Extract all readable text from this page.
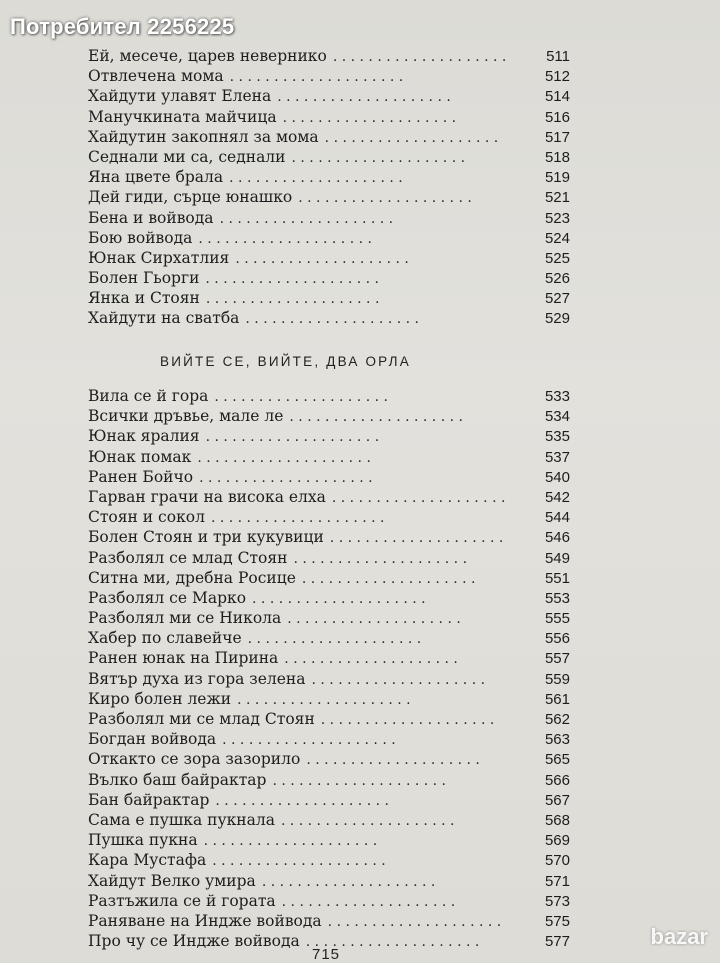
Потребител 2256225
Ей, месече, царев невернико . . . . . . . . . . . . . . . . . . . .	511
Отвлечена мома . . . . . . . . . . . . . . . . . . . .	512
Хайдути улавят Елена . . . . . . . . . . . . . . . . . . . .	514
Манучкината майчица . . . . . . . . . . . . . . . . . . . .	516
Хайдутин закопнял за мома . . . . . . . . . . . . . . . . . . . .	517
Седнали ми са, седнали . . . . . . . . . . . . . . . . . . . .	518
Яна цвете брала . . . . . . . . . . . . . . . . . . . .	519
Дей гиди, сърце юнашко . . . . . . . . . . . . . . . . . . . .	521
Бена и войвода . . . . . . . . . . . . . . . . . . . .	523
Бою войвода . . . . . . . . . . . . . . . . . . . .	524
Юнак Сирхатлия . . . . . . . . . . . . . . . . . . . .	525
Болен Гьорги . . . . . . . . . . . . . . . . . . . .	526
Янка и Стоян . . . . . . . . . . . . . . . . . . . .	527
Хайдути на сватба . . . . . . . . . . . . . . . . . . . .	529
ВИЙТЕ СЕ, ВИЙТЕ, ДВА ОРЛА
Вила се й гора . . . . . . . . . . . . . . . . . . . .	533
Всички дръвье, мале ле . . . . . . . . . . . . . . . . . . . .	534
Юнак яралия . . . . . . . . . . . . . . . . . . . .	535
Юнак помак . . . . . . . . . . . . . . . . . . . .	537
Ранен Бойчо . . . . . . . . . . . . . . . . . . . .	540
Гарван грачи на висока елха . . . . . . . . . . . . . . . . . . . .	542
Стоян и сокол . . . . . . . . . . . . . . . . . . . .	544
Болен Стоян и три кукувици . . . . . . . . . . . . . . . . . . . .	546
Разболял се млад Стоян . . . . . . . . . . . . . . . . . . . .	549
Ситна ми, дребна Росице . . . . . . . . . . . . . . . . . . . .	551
Разболял се Марко . . . . . . . . . . . . . . . . . . . .	553
Разболял ми се Никола . . . . . . . . . . . . . . . . . . . .	555
Хабер по славейче . . . . . . . . . . . . . . . . . . . .	556
Ранен юнак на Пирина . . . . . . . . . . . . . . . . . . . .	557
Вятър духа из гора зелена . . . . . . . . . . . . . . . . . . . .	559
Киро болен лежи . . . . . . . . . . . . . . . . . . . .	561
Разболял ми се млад Стоян . . . . . . . . . . . . . . . . . . . .	562
Богдан войвода . . . . . . . . . . . . . . . . . . . .	563
Откакто се зора зазорило . . . . . . . . . . . . . . . . . . . .	565
Вълко баш байрактар . . . . . . . . . . . . . . . . . . . .	566
Бан байрактар . . . . . . . . . . . . . . . . . . . .	567
Сама е пушка пукнала . . . . . . . . . . . . . . . . . . . .	568
Пушка пукна . . . . . . . . . . . . . . . . . . . .	569
Кара Мустафа . . . . . . . . . . . . . . . . . . . .	570
Хайдут Велко умира . . . . . . . . . . . . . . . . . . . .	571
Разтъжила се й гората . . . . . . . . . . . . . . . . . . . .	573
Раняване на Индже войвода . . . . . . . . . . . . . . . . . . . .	575
Про чу се Индже войвода . . . . . . . . . . . . . . . . . . . .	577
715
bazar
